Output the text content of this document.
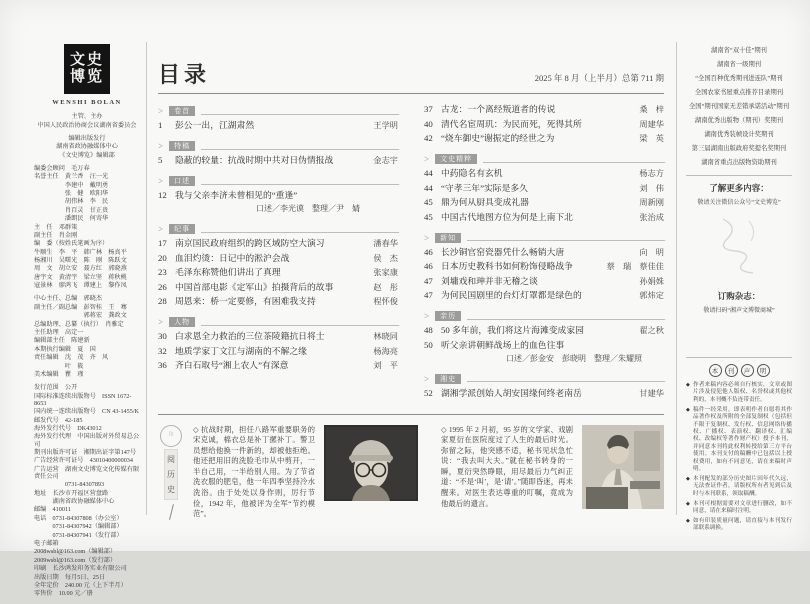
文史
博览
WENSHI BOLAN
主管、主办
中国人民政治协商会议湖南省委员会
编辑出版发行
湖南省政协融媒体中心
《文史博览》编辑部
编委会顾问　毛万春
名誉主任　黄兰香　汪一光
　　　　　李建中　戴明勇
　　　　　张　健　欧阳华
　　　　　胡伟林　李　民
　　　　　肖百灵　甘正贵
　　　　　潘朗民　何寄华
主　任　邓群策
副主任　肖金刚
编　委（按姓氏笔画为序）
牛顺生　李　平　韩广林　杨真平
杨湘川　吴曙光　陈　刚　陈跃文
周　文　胡立安　聂方红　郭晓燕
唐宇文　黄清宇　梁立坚　蒋秋桃
寇景林　廖鸿飞　谭建上　黎作凤
中心主任、总编　郭晓杰
副主任／副总编　彭智桂　王　骞
　　　　　　　　郭蒋宏　龚政文
总编助理、总纂（执行）　肖雅定
主任助理　高定一
编辑部主任　陈建新
本期执行编辑　夏　国
责任编辑　沈　茂　齐　风
　　　　　叶　筱
美术编辑　瞿　瑾
发行范围　公开
国际标准连续出版物号　ISSN 1672-8653
国内统一连续出版物号　CN 43-1455/K
邮发代号　42-185
海外发行代号　DK43012
海外发行代理　中国出版对外贸易总公司
期刊出版许可证　湘期出证字第147号
广告经营许可证号　43010400000034
广告运营　湖南文史博览文化传媒有限责任公司
　　　　　0731-84307893
地址　长沙市开福区营盘路
　　　湖南省政协融媒体中心
邮编　410011
电话　0731-84307808（办公室）
　　　0731-84307942（编辑部）
　　　0731-84307941（发行部）
电子邮箱
2008wsbl@163.com（编辑部）
2009wsbl@163.com（发行部）
印刷　长沙鸿发印务实业有限公司
出版日期　每月5日、25日
全年定价　240.00 元（上下半月）
零售价　10.00 元／册
目录	2025 年 8 月（上半月）总第 711 期
>	卷首
·
1	彭公一出，江湖肃然	王学明
>	特稿
·
5	隐蔽的较量：抗战时期中共对日伪情报战	金志宇
>	口述
·
12 我与父亲李济未曾相见的“重逢”
口述／李光谟　整理／尹　婧
>	纪事
·
17 南京国民政府组织的跨区域防空大演习	潘春华
20 血泪灼烫：日记中的淞沪会战	侯　杰
23 毛泽东称赞他们讲出了真理	张家康
26 中国首部电影《定军山》拍摄背后的故事	赵　彤
28 周恩来：桥一定要修，有困难我支持	程怀俊
>	人物
·
30 白求恩全力救治的三位茶陵籍抗日将士	林晓同
32 地质学家丁文江与湖南的不解之缘	杨海亮
36 齐白石取号“湘上农人”有深意	刘　平
37 古龙：一个离经叛道者的传说	桑　梓
40 清代名宦周玑：为民而死，死得其所	周建华
42 “烧车御史”谢振定的经世之为	梁　英
>	文史精粹
·
44 中药隐名有玄机	杨志方
44 “守孝三年”实际是多久	刘　伟
45 鼎为何从厨具变成礼器	周新刚
45 中国古代地图方位为何是上南下北	张治成
>	新知
·
46 长沙铜官窑瓷器凭什么畅销大唐	向　明
46 日本历史教科书如何粉饰侵略战争	蔡　瑞　蔡佳佳
47 刘墉戏和珅并非无稽之谈	孙娟姝
47 为何民国剧里的台灯灯罩都是绿色的	郭炜定
>	亲历
·
48 50 多年前，我们将这片海滩变成家园	翟之秋
50 听父亲讲朝鲜战场上的血色往事
口述／彭金安　彭晓明　整理／朱耀照
>	湘史
·
52 湖湘学派创始人胡安国缘何终老南岳	甘建华
印
阅
历
史
◇ 抗战时期，担任八路军重要职务的宋克诚，棉衣总是补丁摞补丁。警卫员想给他换一件新的，却被他拒绝。他还把用旧的洗脸毛巾从中剪开，一半自己用，一半给别人用。为了节省洗衣服的肥皂，他一年四季坚持冷水洗浴。由于处处以身作则，厉行节俭，1942 年，他被评为全军“节约模范”。
◇ 1995 年 2 月初，95 岁的文学家、戏剧家夏衍在医院度过了人生的最后时光。弥留之际，他突感不适，秘书见状急忙说：“我去叫大夫。”就在秘书转身的一瞬，夏衍突然睁眼，用尽最后力气纠正道：“不是‘叫’，是‘请’。”随即昏迷，再未醒来。对医生表达尊重的叮嘱，竟成为他最后的遗言。
湖南省“双十佳”期刊
湖南省一级期刊
“全国百种优秀期刊进连队”期刊
全国农家书屋重点推荐目录期刊
全国“期刊国家无差错承诺活动”期刊
湖南优秀出版物（期刊）奖期刊
湖南优秀装帧设计奖期刊
第三届湖南出版政府奖提名奖期刊
湖南省重点出版物资助期刊
了解更多内容：
敬请关注微信公众号“文史博览”
订购杂志：
敬请扫码“湘声文博微商城”
本	刊	声	明

◆ 作者来稿内容必须自行核实，文章或图片涉及侵犯他人版权、名誉权或其他权利的，本刊概不负连带责任。

◆ 稿件一经采用，即表明作者自愿将其作品著作权及所附的全部复制权（包括但不限于复制权、发行权、信息网络传播权、广播权、表演权、翻译权、汇编权、改编权等著作财产权）授予本刊，并同意本刊将此权利转授给第三方平台使用。本刊支付的稿酬中已包括以上授权费用，如有不同意见，请在来稿时声明。

◆ 本刊配发的部分历史图片因年代久远，无法查证作者，请版权所有者见到后及时与本刊联系，领取稿酬。

◆ 本刊可根据需要对文章进行删改，如不同意，请在来稿时注明。

◆ 如有印装质量问题，请直接与本刊发行部联系调换。
